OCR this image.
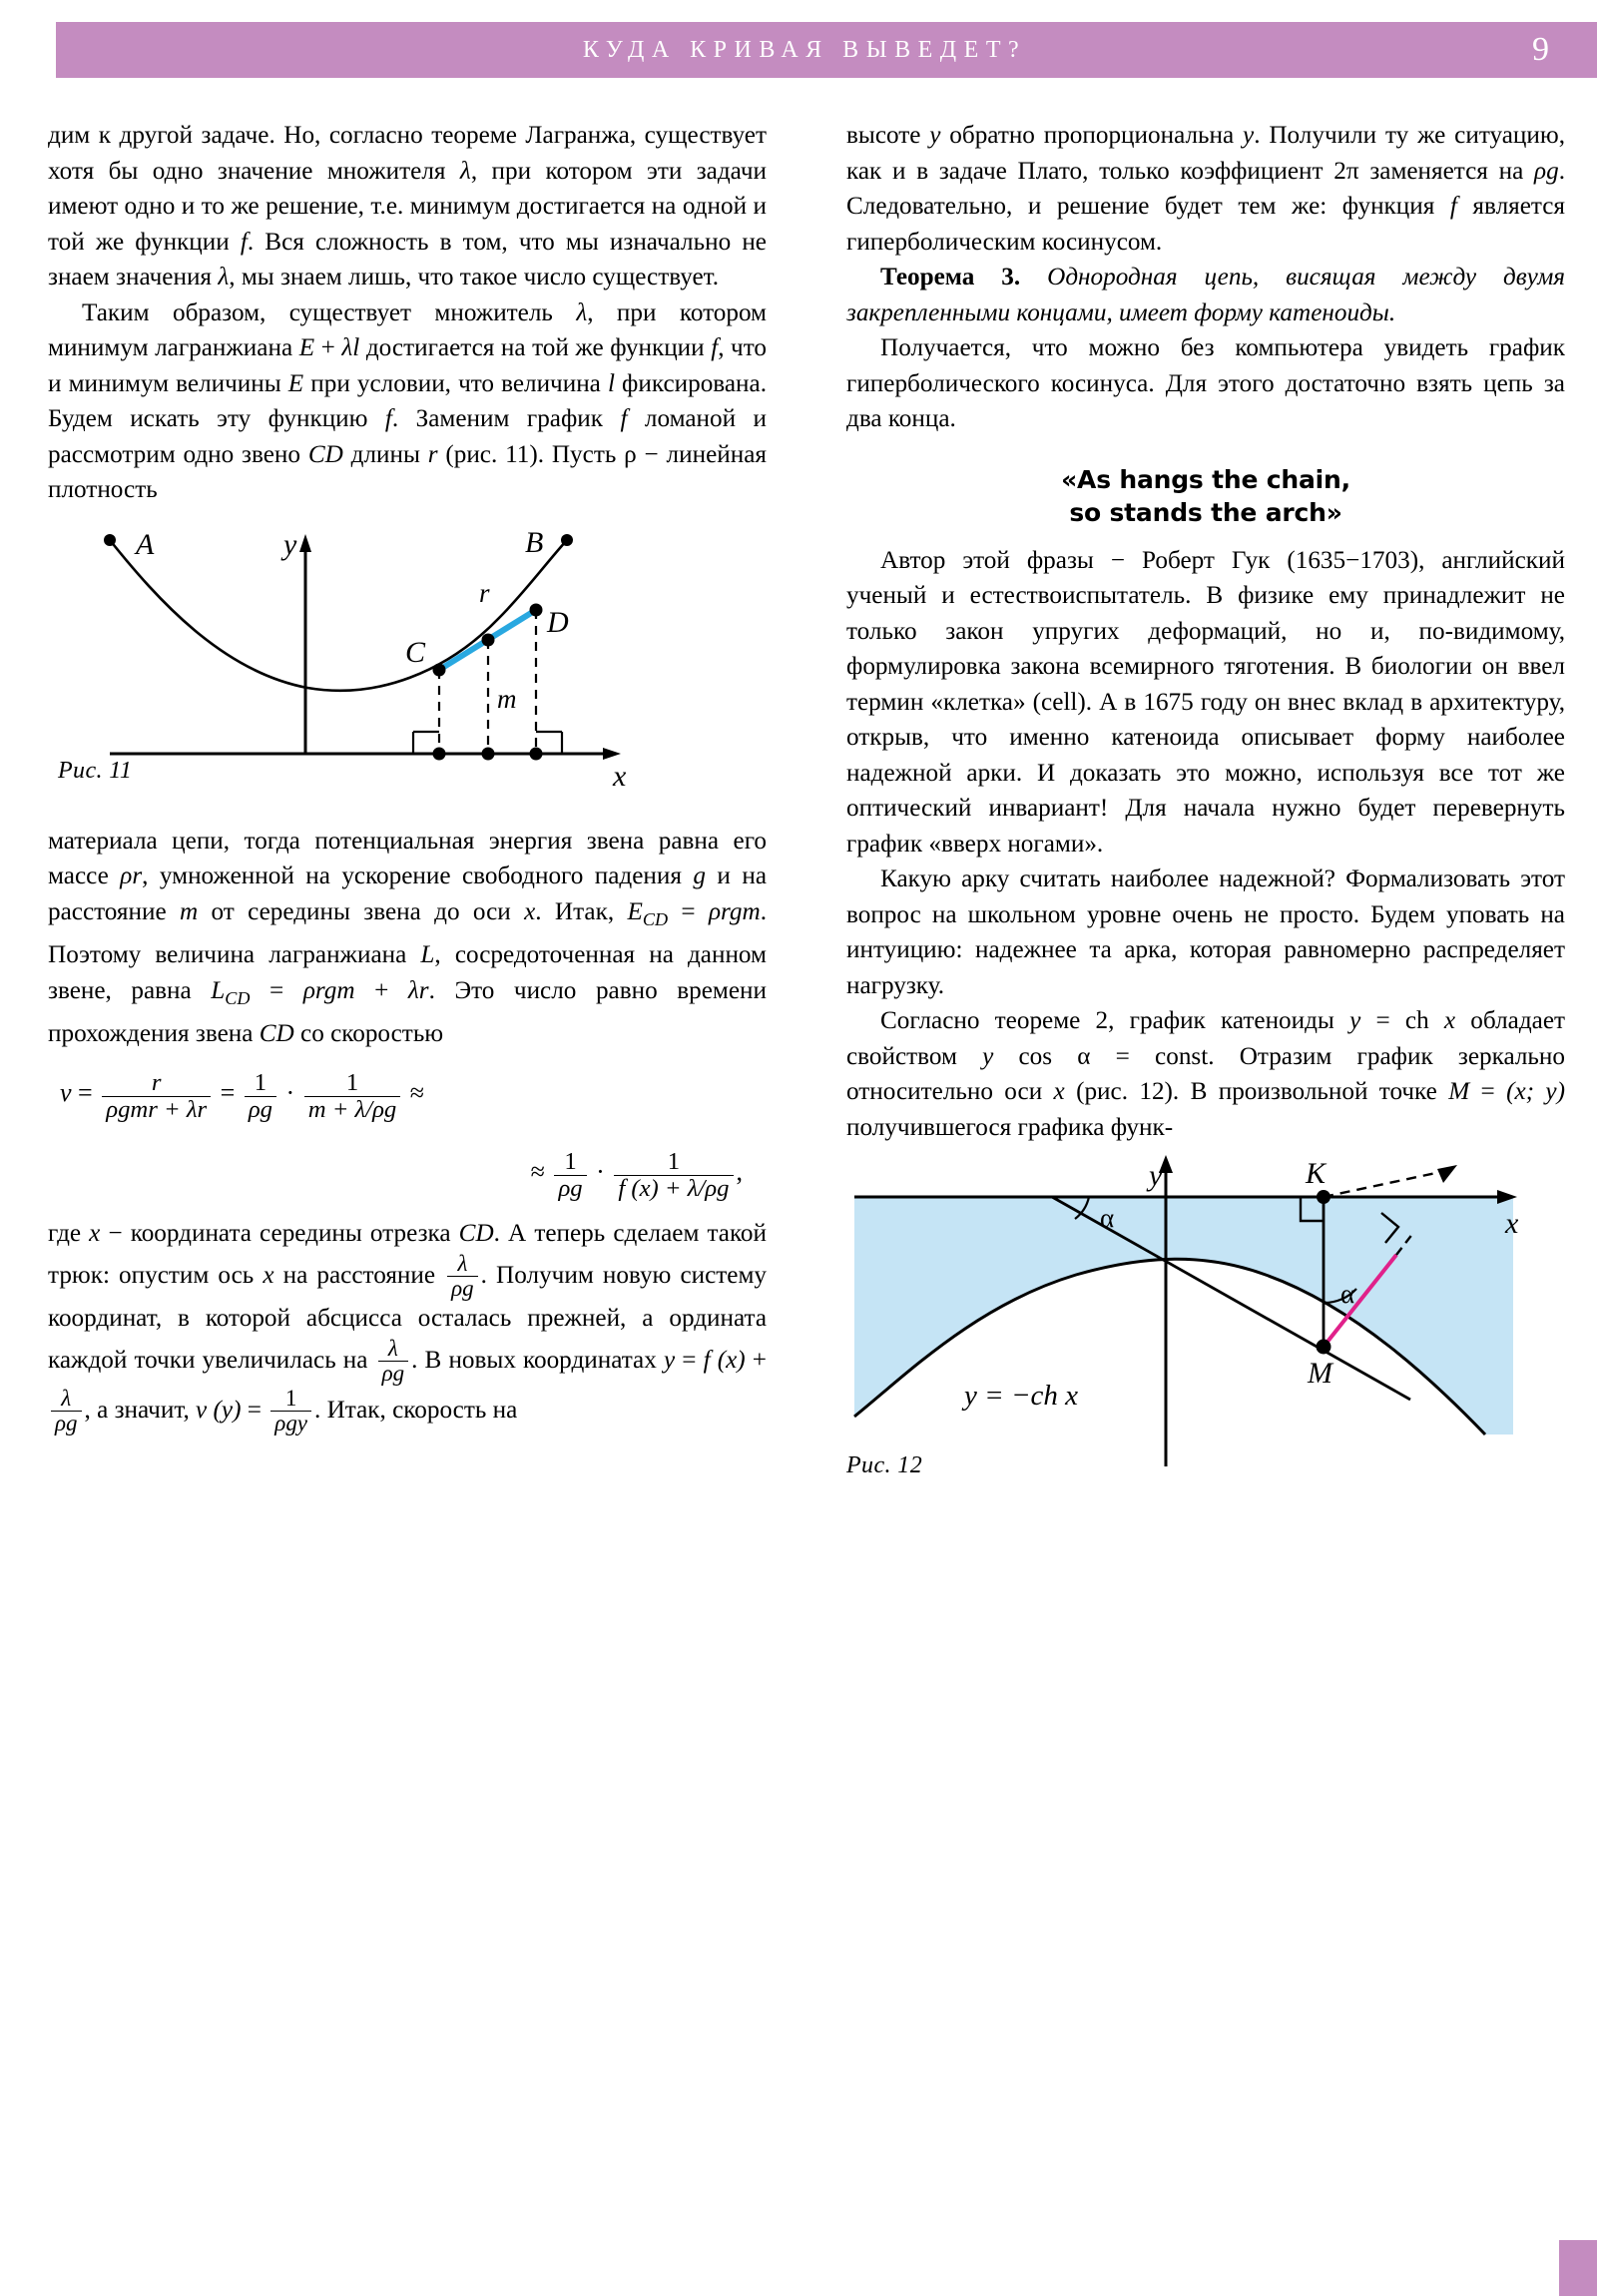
КУДА КРИВАЯ ВЫВЕДЕТ?	9

дим к другой задаче. Но, согласно теореме Лагранжа, существует хотя бы одно значение множителя λ, при котором эти задачи имеют одно и то же решение, т.е. минимум достигается на одной и той же функции f. Вся сложность в том, что мы изначально не знаем значения λ, мы знаем лишь, что такое число существует.

Таким образом, существует множитель λ, при котором минимум лагранжиана E + λl достигается на той же функции f, что и минимум величины E при условии, что величина l фиксирована. Будем искать эту функцию f. Заменим график f ломаной и рассмотрим одно звено CD длины r (рис. 11). Пусть ρ − линейная плотность

A	B
C
D
r
m
y
x
Рис. 11

материала цепи, тогда потенциальная энергия звена равна его массе ρr, умноженной на ускорение свободного падения g и на расстояние m от середины звена до оси x. Итак, $E_{CD} = \rho rgm$. Поэтому величина лагранжиана L, сосредоточенная на данном звене, равна $L_{CD} = \rho rgm + \lambda r$. Это число равно времени прохождения звена CD со скоростью

$v = \frac{r}{\text{ρgmr + λr}} = \frac{1}{\rho g} \cdot \frac{1}{m + \lambda/\rho g}$ ≈
≈ $\frac{1}{\rho g} \cdot \frac{1}{f (x) + \lambda/\rho g}$ ,

где x − координата середины отрезка CD. А теперь сделаем такой трюк: опустим ось x на расстояние $\frac{\lambda}{\rho g}$ . Получим новую систему координат, в которой абсцисса осталась прежней, а ордината каждой точки увеличилась на $\frac{\lambda}{\rho g}$ . В новых координатах y = f (x) +
$\frac{\lambda}{\rho g}$ , а значит, v $(y) = \frac{1}{\text{ρgy}}$ . Итак, скорость на

высоте y обратно пропорциональна y. Получили ту же ситуацию, как и в задаче Плато, только коэффициент 2π заменяется на ρg. Следовательно, и решение будет тем же: функция f является гиперболическим косинусом.

Теорема 3. Однородная цепь, висящая между двумя закрепленными концами, имеет форму катеноиды.

Получается, что можно без компьютера увидеть график гиперболического косинуса. Для этого достаточно взять цепь за два конца.

«As hangs the chain,
so stands the arch»

Автор этой фразы − Роберт Гук (1635−1703), английский ученый и естествоиспытатель. В физике ему принадлежит не только закон упругих деформаций, но и, по-видимому, формулировка закона всемирного тяготения. В биологии он ввел термин «клетка» (cell). А в 1675 году он внес вклад в архитектуру, открыв, что именно катеноида описывает форму наиболее надежной арки. И доказать это можно, используя все тот же оптический инвариант! Для начала нужно будет перевернуть график «вверх ногами».

Какую арку считать наиболее надежной? Формализовать этот вопрос на школьном уровне очень не просто. Будем уповать на интуицию: надежнее та арка, которая равномерно распределяет нагрузку.

Согласно теореме 2, график катеноиды y = ch x обладает свойством y cos α = const. Отразим график зеркально относительно оси x (рис. 12). В произвольной точке M = (x; y) получившегося графика функ-

K
M
α
α
y
x
y = −ch x
Рис. 12
